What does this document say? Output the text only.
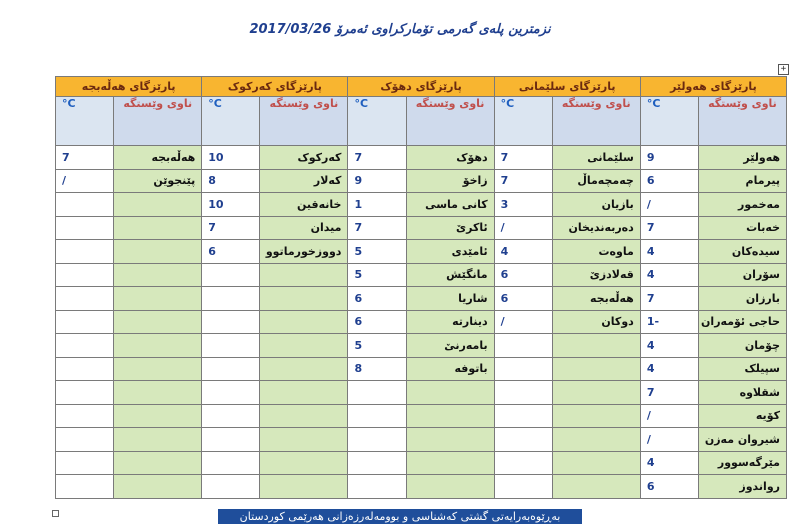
نزمترین پلەی گەرمی تۆمارکراوی ئەمرۆ 2017/03/26
+
پارێزگای هەولێر		پارێزگای سلێمانی		پارێزگای دهۆک		پارێزگای کەرکوک		پارێزگای هەڵەبجە	
ناوی وێستگە	C°	ناوی وێستگە	C°	ناوی وێستگە	C°	ناوی وێستگە	C°	ناوی وێستگە	C°
هەولێر	9	سلێمانی	7	دهۆک	7	کەرکوک	10	هەڵەبجە	7
پیرمام	6	چەمچەماڵ	7	زاخۆ	9	کەلار	8	پێنجوێن	/
مەخمور	/	بازیان	3	کانی ماسی	1	خانەقین	10		
خەبات	7	دەربەندیخان	/	ئاکرێ	7	میدان	7		
سیدەکان	4	ماوەت	4	ئامێدی	5	دووزخورماتوو	6		
سۆران	4	قەلادزێ	6	مانگێش	5				
بارزان	7	هەڵەبجە	6	شاریا	6				
حاجی ئۆمەران	-1	دوکان	/	دینارتە	6				
چۆمان	4			بامەرنێ	5				
سپیلک	4			باتوفە	8				
شقلاوە	7								
کۆیە	/								
شیروان مەزن	/								
مێرگەسوور	4								
رواندوز	6								
بەڕێوەبەرایەتی گشتی کەشناسی و بوومەلەرزەزانی هەرێمی کوردستان
